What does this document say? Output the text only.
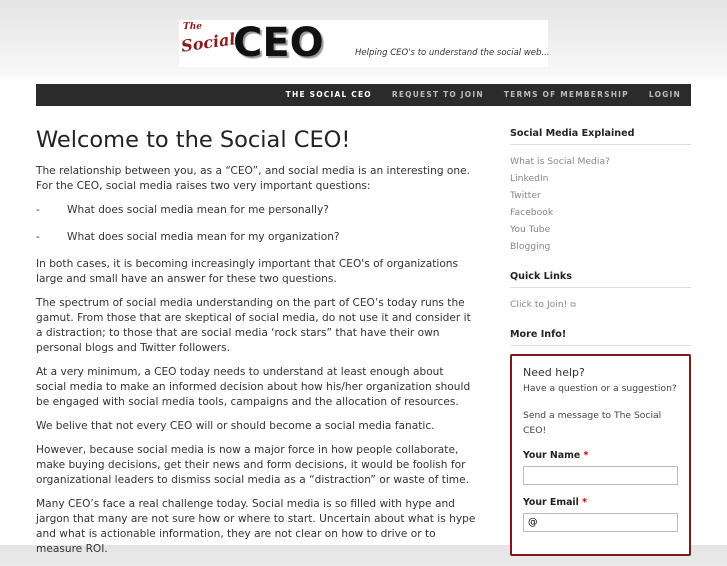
The
Social
CEO	Helping CEO's to understand the social web...
THE SOCIAL CEO	REQUEST TO JOIN	TERMS OF MEMBERSHIP	LOGIN
Welcome to the Social CEO!

The relationship between you, as a “CEO”, and social media is an interesting one. For the CEO, social media raises two very important questions:

-	What does social media mean for me personally?
-	What does social media mean for my organization?

In both cases, it is becoming increasingly important that CEO's of organizations large and small have an answer for these two questions.

The spectrum of social media understanding on the part of CEO’s today runs the gamut. From those that are skeptical of social media, do not use it and consider it a distraction; to those that are social media ‘rock stars” that have their own personal blogs and Twitter followers.

At a very minimum, a CEO today needs to understand at least enough about social media to make an informed decision about how his/her organization should be engaged with social media tools, campaigns and the allocation of resources.

We belive that not every CEO will or should become a social media fanatic.

However, because social media is now a major force in how people collaborate, make buying decisions, get their news and form decisions, it would be foolish for organizational leaders to dismiss social media as a “distraction” or waste of time.

Many CEO’s face a real challenge today. Social media is so filled with hype and jargon that many are not sure how or where to start. Uncertain about what is hype and what is actionable information, they are not clear on how to drive or to measure ROI.

Social Media Explained
What is Social Media?
LinkedIn
Twitter
Facebook
You Tube
Blogging
Quick Links
Click to Join! ⧉
More Info!
Need help?
Have a question or a suggestion?
Send a message to The Social CEO!
Your Name *
Your Email *
@
